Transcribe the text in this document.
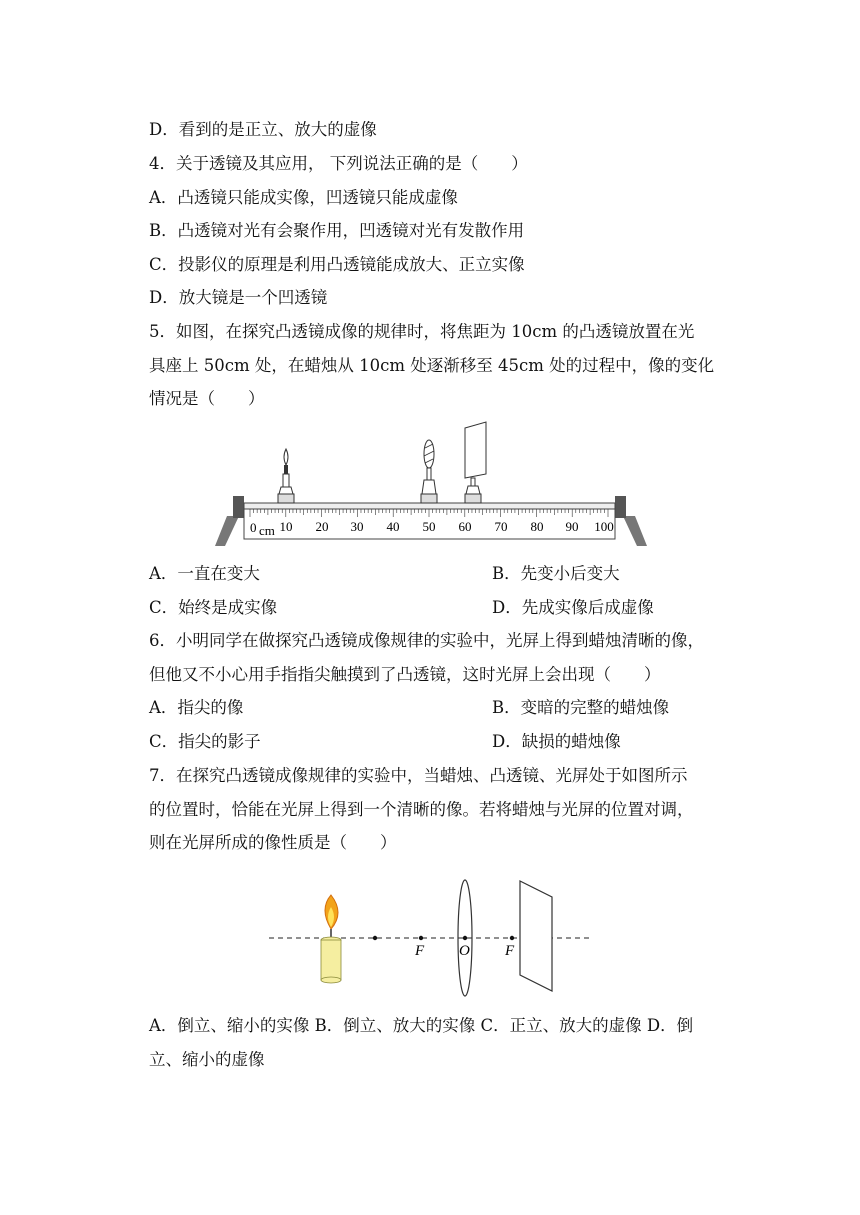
D．看到的是正立、放大的虚像
4．关于透镜及其应用， 下列说法正确的是（　　）
A．凸透镜只能成实像，凹透镜只能成虚像
B．凸透镜对光有会聚作用，凹透镜对光有发散作用
C．投影仪的原理是利用凸透镜能成放大、正立实像
D．放大镜是一个凹透镜
5．如图，在探究凸透镜成像的规律时，将焦距为 10cm 的凸透镜放置在光
具座上 50cm 处，在蜡烛从 10cm 处逐渐移至 45cm 处的过程中，像的变化
情况是（　　）
0 cm 10 20 30 40 50 60 70 80 90 100
A．一直在变大	B．先变小后变大
C．始终是成实像	D．先成实像后成虚像
6．小明同学在做探究凸透镜成像规律的实验中，光屏上得到蜡烛清晰的像，
但他又不小心用手指指尖触摸到了凸透镜，这时光屏上会出现（　　）
A．指尖的像	B．变暗的完整的蜡烛像
C．指尖的影子	D．缺损的蜡烛像
7．在探究凸透镜成像规律的实验中，当蜡烛、凸透镜、光屏处于如图所示
的位置时，恰能在光屏上得到一个清晰的像。若将蜡烛与光屏的位置对调，
则在光屏所成的像性质是（　　）
F O F
A．倒立、缩小的实像 B．倒立、放大的实像 C．正立、放大的虚像 D．倒
立、缩小的虚像
